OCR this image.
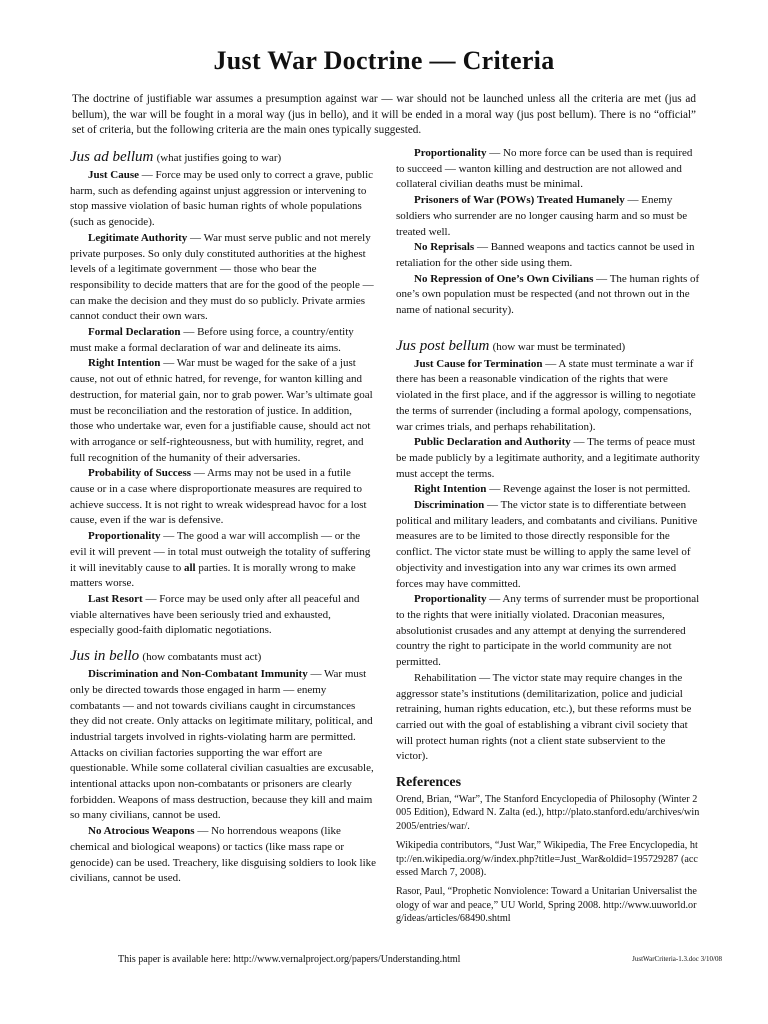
Just War Doctrine — Criteria

The doctrine of justifiable war assumes a presumption against war — war should not be launched unless all the criteria are met (jus ad bellum), the war will be fought in a moral way (jus in bello), and it will be ended in a moral way (jus post bellum). There is no “official” set of criteria, but the following criteria are the main ones typically suggested.

Jus ad bellum (what justifies going to war)

Just Cause — Force may be used only to correct a grave, public harm, such as defending against unjust aggression or intervening to stop massive violation of basic human rights of whole populations (such as genocide).

Legitimate Authority — War must serve public and not merely private purposes. So only duly constituted authorities at the highest levels of a legitimate government — those who bear the responsibility to decide matters that are for the good of the people — can make the decision and they must do so publicly. Private armies cannot conduct their own wars.

Formal Declaration — Before using force, a country/entity must make a formal declaration of war and delineate its aims.

Right Intention — War must be waged for the sake of a just cause, not out of ethnic hatred, for revenge, for wanton killing and destruction, for material gain, nor to grab power. War’s ultimate goal must be reconciliation and the restoration of justice. In addition, those who undertake war, even for a justifiable cause, should act not with arrogance or self-righteousness, but with humility, regret, and full recognition of the humanity of their adversaries.

Probability of Success — Arms may not be used in a futile cause or in a case where disproportionate measures are required to achieve success. It is not right to wreak widespread havoc for a lost cause, even if the war is defensive.

Proportionality — The good a war will accomplish — or the evil it will prevent — in total must outweigh the totality of suffering it will inevitably cause to all parties. It is morally wrong to make matters worse.

Last Resort — Force may be used only after all peaceful and viable alternatives have been seriously tried and exhausted, especially good-faith diplomatic negotiations.

Jus in bello (how combatants must act)

Discrimination and Non-Combatant Immunity — War must only be directed towards those engaged in harm — enemy combatants — and not towards civilians caught in circumstances they did not create. Only attacks on legitimate military, political, and industrial targets involved in rights-violating harm are permitted. Attacks on civilian factories supporting the war effort are questionable. While some collateral civilian casualties are excusable, intentional attacks upon non-combatants or prisoners are clearly forbidden. Weapons of mass destruction, because they kill and maim so many civilians, cannot be used.

No Atrocious Weapons — No horrendous weapons (like chemical and biological weapons) or tactics (like mass rape or genocide) can be used. Treachery, like disguising soldiers to look like civilians, cannot be used.

Proportionality — No more force can be used than is required to succeed — wanton killing and destruction are not allowed and collateral civilian deaths must be minimal.

Prisoners of War (POWs) Treated Humanely — Enemy soldiers who surrender are no longer causing harm and so must be treated well.

No Reprisals — Banned weapons and tactics cannot be used in retaliation for the other side using them.

No Repression of One’s Own Civilians — The human rights of one’s own population must be respected (and not thrown out in the name of national security).

Jus post bellum (how war must be terminated)

Just Cause for Termination — A state must terminate a war if there has been a reasonable vindication of the rights that were violated in the first place, and if the aggressor is willing to negotiate the terms of surrender (including a formal apology, compensations, war crimes trials, and perhaps rehabilitation).

Public Declaration and Authority — The terms of peace must be made publicly by a legitimate authority, and a legitimate authority must accept the terms.

Right Intention — Revenge against the loser is not permitted.

Discrimination — The victor state is to differentiate between political and military leaders, and combatants and civilians. Punitive measures are to be limited to those directly responsible for the conflict. The victor state must be willing to apply the same level of objectivity and investigation into any war crimes its own armed forces may have committed.

Proportionality — Any terms of surrender must be proportional to the rights that were initially violated. Draconian measures, absolutionist crusades and any attempt at denying the surrendered country the right to participate in the world community are not permitted.

Rehabilitation — The victor state may require changes in the aggressor state’s institutions (demilitarization, police and judicial retraining, human rights education, etc.), but these reforms must be carried out with the goal of establishing a vibrant civil society that will protect human rights (not a client state subservient to the victor).

References

Orend, Brian, “War”, The Stanford Encyclopedia of Philosophy (Winter 2005 Edition), Edward N. Zalta (ed.), http://plato.stanford.edu/archives/win2005/entries/war/.

Wikipedia contributors, “Just War,” Wikipedia, The Free Encyclopedia, http://en.wikipedia.org/w/index.php?title=Just_War&oldid=195729287 (accessed March 7, 2008).

Rasor, Paul, “Prophetic Nonviolence: Toward a Unitarian Universalist theology of war and peace,” UU World, Spring 2008. http://www.uuworld.org/ideas/articles/68490.shtml

This paper is available here: http://www.vernalproject.org/papers/Understanding.html	JustWarCriteria-1.3.doc 3/10/08
